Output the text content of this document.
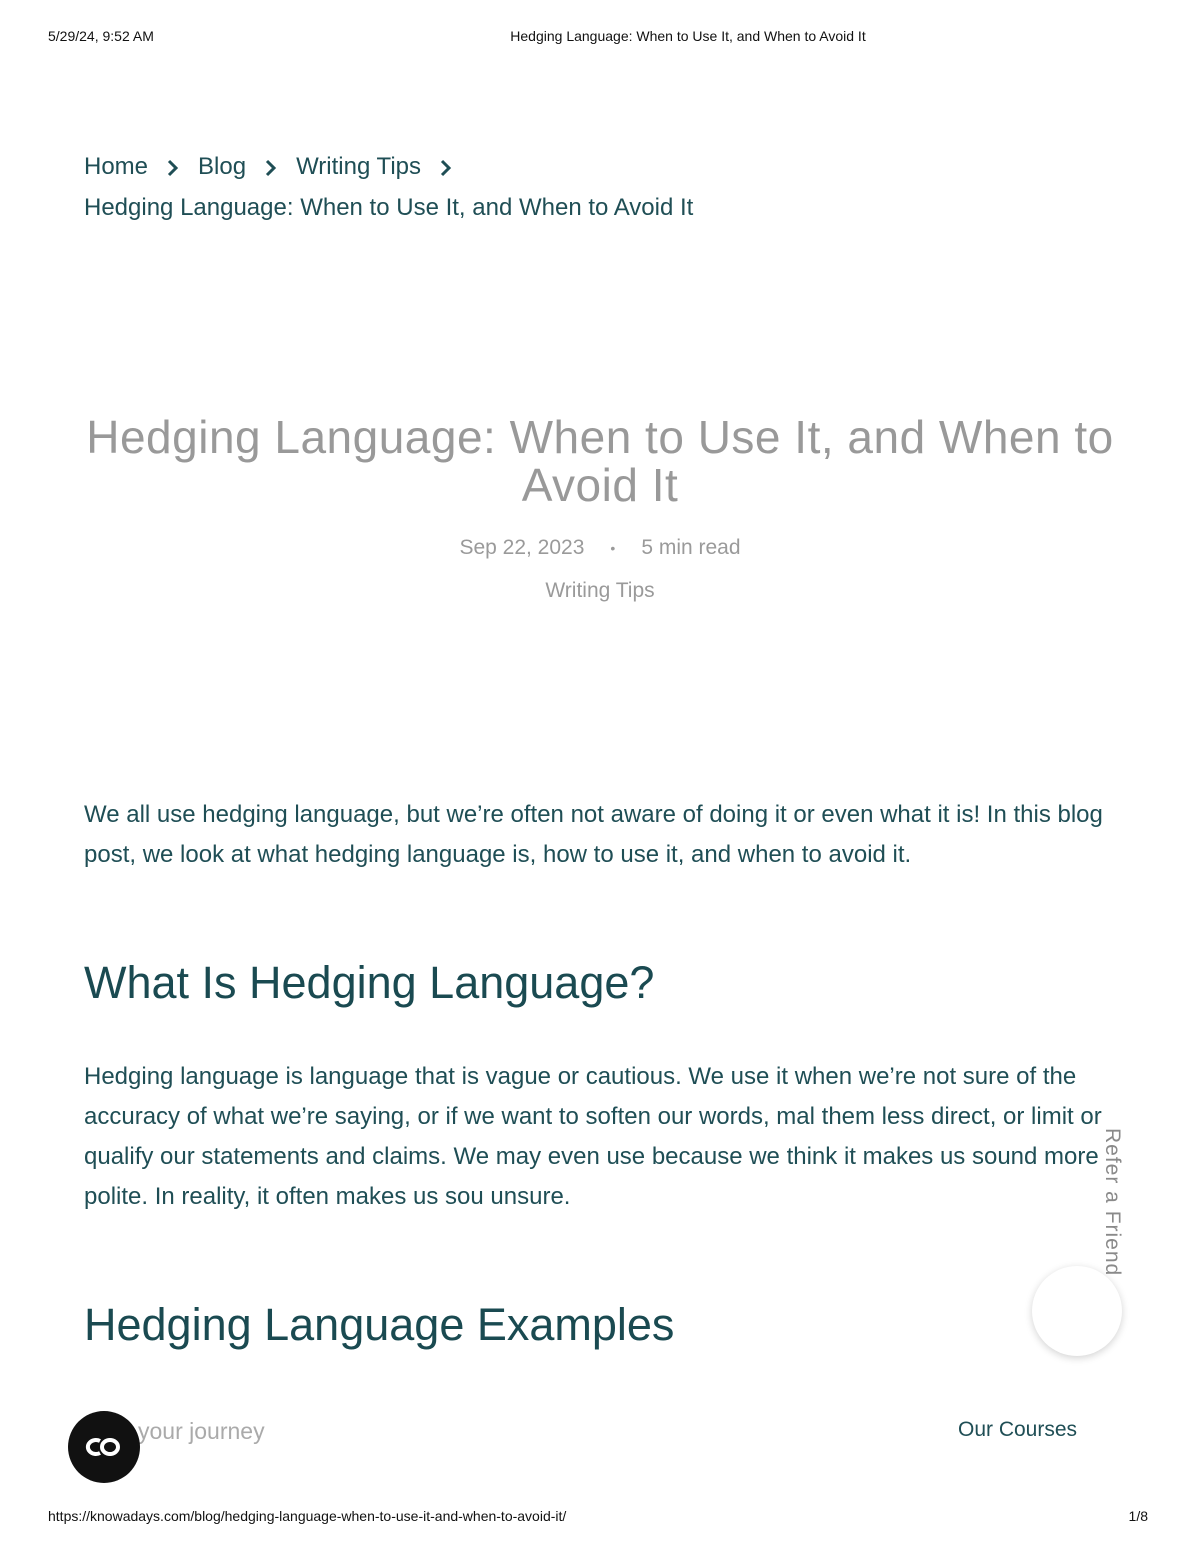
5/29/24, 9:52 AM	Hedging Language: When to Use It, and When to Avoid It
Home Blog Writing Tips
Hedging Language: When to Use It, and When to Avoid It
Hedging Language: When to Use It, and When to Avoid It
Sep 22, 2023 • 5 min read
Writing Tips

We all use hedging language, but we’re often not aware of doing it or even what it is! In this blog post, we look at what hedging language is, how to use it, and when to avoid it.

What Is Hedging Language?

Hedging language is language that is vague or cautious. We use it when we’re not sure of the accuracy of what we’re saying, or if we want to soften our words, mal them less direct, or limit or qualify our statements and claims. We may even use because we think it makes us sound more polite. In reality, it often makes us sou unsure.

Hedging Language Examples
Refer a Friend
your journey	Our Courses
https://knowadays.com/blog/hedging-language-when-to-use-it-and-when-to-avoid-it/	1/8
